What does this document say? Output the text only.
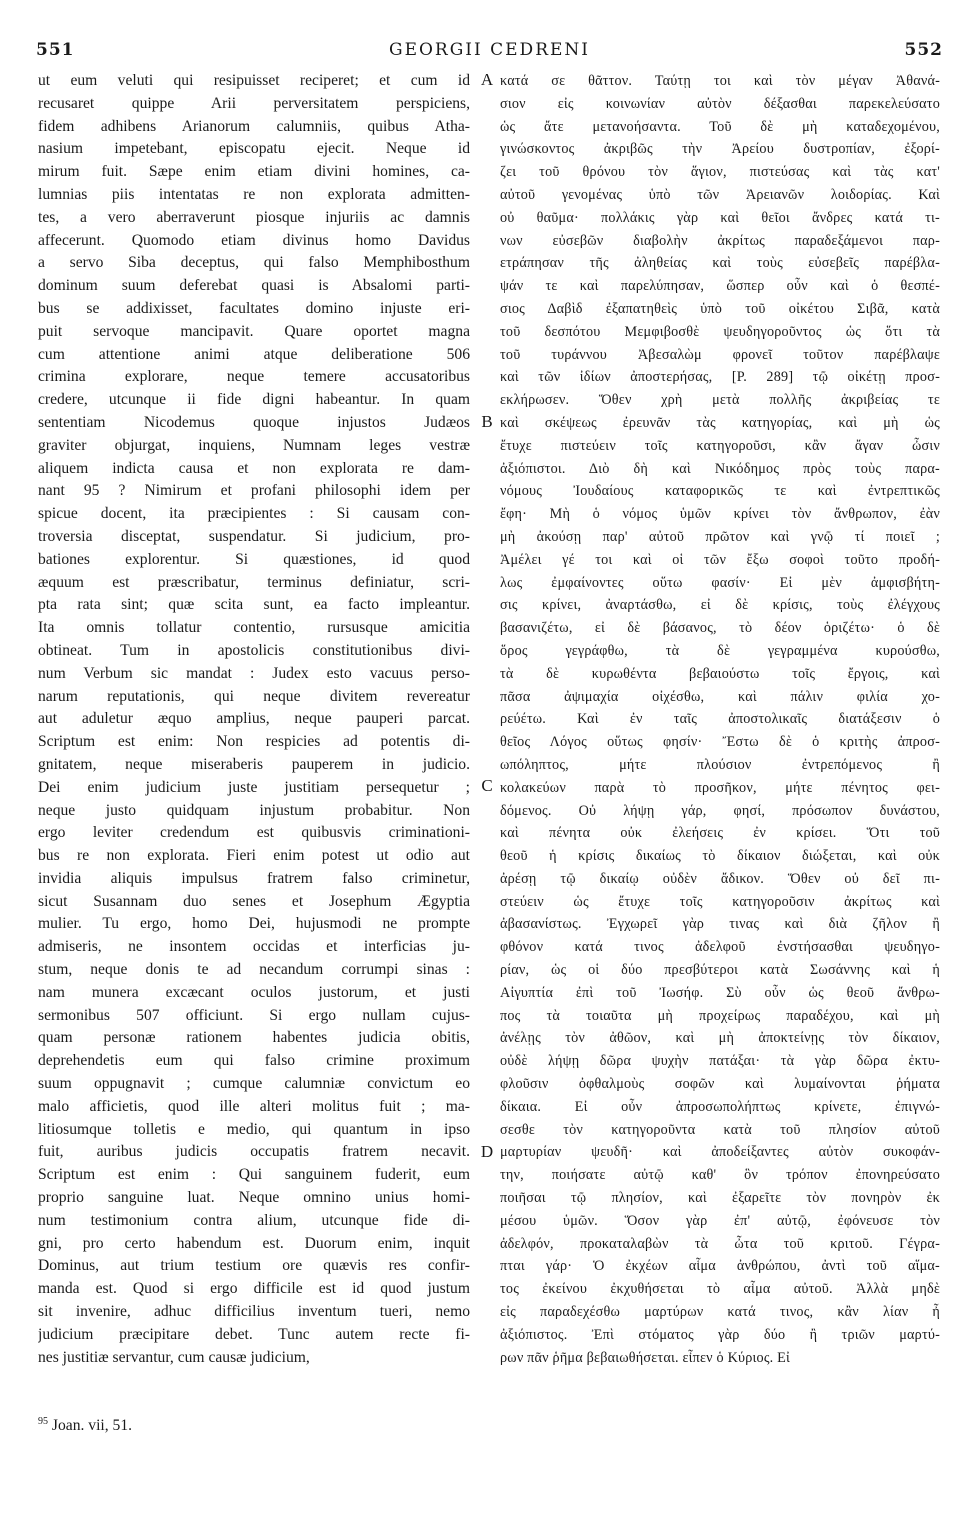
551	GEORGII CEDRENI	552
ut eum veluti qui resipuisset reciperet; et cum id
recusaret quippe Arii perversitatem perspiciens,
fidem adhibens Arianorum calumniis, quibus Atha-
nasium impetebant, episcopatu ejecit. Neque id
mirum fuit. Sæpe enim etiam divini homines, ca-
lumnias piis intentatas re non explorata admitten-
tes, a vero aberraverunt piosque injuriis ac damnis
affecerunt. Quomodo etiam divinus homo Davidus
a servo Siba deceptus, qui falso Memphibosthum
dominum suum deferebat quasi is Absalomi parti-
bus se addixisset, facultates domino injuste eri-
puit servoque mancipavit. Quare oportet magna
cum attentione animi atque deliberatione 506
crimina explorare, neque temere accusatoribus
credere, utcunque ii fide digni habeantur. In quam
sententiam Nicodemus quoque injustos Judæos
graviter objurgat, inquiens, Numnam leges vestræ
aliquem indicta causa et non explorata re dam-
nant 95 ? Nimirum et profani philosophi idem per
spicue docent, ita præcipientes : Si causam con-
troversia disceptat, suspendatur. Si judicium, pro-
bationes explorentur. Si quæstiones, id quod
æquum est præscribatur, terminus definiatur, scri-
pta rata sint; quæ scita sunt, ea facto impleantur.
Ita omnis tollatur contentio, rursusque amicitia
obtineat. Tum in apostolicis constitutionibus divi-
num Verbum sic mandat : Judex esto vacuus perso-
narum reputationis, qui neque divitem revereatur
aut aduletur æquo amplius, neque pauperi parcat.
Scriptum est enim: Non respicies ad potentis di-
gnitatem, neque miseraberis pauperem in judicio.
Dei enim judicium juste justitiam persequetur ;
neque justo quidquam injustum probabitur. Non
ergo leviter credendum est quibusvis criminationi-
bus re non explorata. Fieri enim potest ut odio aut
invidia aliquis impulsus fratrem falso criminetur,
sicut Susannam duo senes et Josephum Ægyptia
mulier. Tu ergo, homo Dei, hujusmodi ne prompte
admiseris, ne insontem occidas et interficias ju-
stum, neque donis te ad necandum corrumpi sinas :
nam munera excæcant oculos justorum, et justi
sermonibus 507 officiunt. Si ergo nullam cujus-
quam personæ rationem habentes judicia obitis,
deprehendetis eum qui falso crimine proximum
suum oppugnavit ; cumque calumniæ convictum eo
malo afficietis, quod ille alteri molitus fuit ; ma-
litiosumque tolletis e medio, qui quantum in ipso
fuit, auribus judicis occupatis fratrem necavit.
Scriptum est enim : Qui sanguinem fuderit, eum
proprio sanguine luat. Neque omnino unius homi-
num testimonium contra alium, utcunque fide di-
gni, pro certo habendum est. Duorum enim, inquit
Dominus, aut trium testium ore quævis res confir-
manda est. Quod si ergo difficile est id quod justum
sit invenire, adhuc difficilius inventum tueri, nemo
judicium præcipitare debet. Tunc autem recte fi-
nes justitiæ servantur, cum causæ judicium,
A
B
C
D
κατά σε θᾶττον. Ταύτῃ τοι καὶ τὸν μέγαν Ἀθανά-
σιον εἰς κοινωνίαν αὐτὸν δέξασθαι παρεκελεύσατο
ὡς ἄτε μετανοήσαντα. Τοῦ δὲ μὴ καταδεχομένου,
γινώσκοντος ἀκριβῶς τὴν Ἀρείου δυστροπίαν, ἐξορί-
ζει τοῦ θρόνου τὸν ἅγιον, πιστεύσας καὶ τὰς κατ'
αὐτοῦ γενομένας ὑπὸ τῶν Ἀρειανῶν λοιδορίας. Καὶ
οὐ θαῦμα· πολλάκις γὰρ καὶ θεῖοι ἄνδρες κατά τι-
νων εὐσεβῶν διαβολὴν ἀκρίτως παραδεξάμενοι παρ-
ετράπησαν τῆς ἀληθείας καὶ τοὺς εὐσεβεῖς παρέβλα-
ψάν τε καὶ παρελύπησαν, ὥσπερ οὖν καὶ ὁ θεσπέ-
σιος Δαβὶδ ἐξαπατηθεὶς ὑπὸ τοῦ οἰκέτου Σιβᾶ, κατὰ
τοῦ δεσπότου Μεμφιβοσθὲ ψευδηγοροῦντος ὡς ὅτι τὰ
τοῦ τυράννου Ἀβεσαλὼμ φρονεῖ τοῦτον παρέβλαψε
καὶ τῶν ἰδίων ἀποστερήσας, [P. 289] τῷ οἰκέτῃ προσ-
εκλήρωσεν. Ὅθεν χρὴ μετὰ πολλῆς ἀκριβείας τε
καὶ σκέψεως ἐρευνᾶν τὰς κατηγορίας, καὶ μὴ ὡς
ἔτυχε πιστεύειν τοῖς κατηγοροῦσι, κἂν ἄγαν ὦσιν
ἀξιόπιστοι. Διὸ δὴ καὶ Νικόδημος πρὸς τοὺς παρα-
νόμους Ἰουδαίους καταφορικῶς τε καὶ ἐντρεπτικῶς
ἔφη· Μὴ ὁ νόμος ὑμῶν κρίνει τὸν ἄνθρωπον, ἐὰν
μὴ ἀκούσῃ παρ' αὐτοῦ πρῶτον καὶ γνῷ τί ποιεῖ ;
Ἀμέλει γέ τοι καὶ οἱ τῶν ἔξω σοφοὶ τοῦτο προδή-
λως ἐμφαίνοντες οὕτω φασίν· Εἰ μὲν ἀμφισβήτη-
σις κρίνει, ἀναρτάσθω, εἰ δὲ κρίσις, τοὺς ἐλέγχους
βασανιζέτω, εἰ δὲ βάσανος, τὸ δέον ὁριζέτω· ὁ δὲ
ὅρος γεγράφθω, τὰ δὲ γεγραμμένα κυρούσθω,
τὰ δὲ κυρωθέντα βεβαιούστω τοῖς ἔργοις, καὶ
πᾶσα ἀψιμαχία οἰχέσθω, καὶ πάλιν φιλία χο-
ρεύέτω. Καὶ ἐν ταῖς ἀποστολικαῖς διατάξεσιν ὁ
θεῖος Λόγος οὕτως φησίν· Ἔστω δὲ ὁ κριτὴς ἀπροσ-
ωπόληπτος, μήτε πλούσιον ἐντρεπόμενος ἢ
κολακεύων παρὰ τὸ προσῆκον, μήτε πένητος φει-
δόμενος. Οὐ λήψῃ γάρ, φησί, πρόσωπον δυνάστου,
καὶ πένητα οὐκ ἐλεήσεις ἐν κρίσει. Ὅτι τοῦ
θεοῦ ἡ κρίσις δικαίως τὸ δίκαιον διώξεται, καὶ οὐκ
ἀρέσῃ τῷ δικαίῳ οὐδὲν ἄδικον. Ὅθεν οὐ δεῖ πι-
στεύειν ὡς ἔτυχε τοῖς κατηγοροῦσιν ἀκρίτως καὶ
ἀβασανίστως. Ἐγχωρεῖ γὰρ τινας καὶ διὰ ζῆλον ἢ
φθόνον κατά τινος ἀδελφοῦ ἐνστήσασθαι ψευδηγο-
ρίαν, ὡς οἱ δύο πρεσβύτεροι κατὰ Σωσάννης καὶ ἡ
Αἰγυπτία ἐπὶ τοῦ Ἰωσήφ. Σὺ οὖν ὡς θεοῦ ἄνθρω-
πος τὰ τοιαῦτα μὴ προχείρως παραδέχου, καὶ μὴ
ἀνέλῃς τὸν ἀθῶον, καὶ μὴ ἀποκτείνῃς τὸν δίκαιον,
οὐδὲ λήψῃ δῶρα ψυχὴν πατάξαι· τὰ γὰρ δῶρα ἐκτυ-
φλοῦσιν ὀφθαλμοὺς σοφῶν καὶ λυμαίνονται ῥήματα
δίκαια. Εἰ οὖν ἀπροσωπολήπτως κρίνετε, ἐπιγνώ-
σεσθε τὸν κατηγοροῦντα κατὰ τοῦ πλησίον αὐτοῦ
μαρτυρίαν ψευδῆ· καὶ ἀποδείξαντες αὐτὸν συκοφάν-
την, ποιήσατε αὐτῷ καθ' ὃν τρόπον ἐπονηρεύσατο
ποιῆσαι τῷ πλησίον, καὶ ἐξαρεῖτε τὸν πονηρὸν ἐκ
μέσου ὑμῶν. Ὅσον γὰρ ἐπ' αὐτῷ, ἐφόνευσε τὸν
ἀδελφόν, προκαταλαβὼν τὰ ὦτα τοῦ κριτοῦ. Γέγρα-
πται γάρ· Ὁ ἐκχέων αἷμα ἀνθρώπου, ἀντὶ τοῦ αἵμα-
τος ἐκείνου ἐκχυθήσεται τὸ αἷμα αὐτοῦ. Ἀλλὰ μηδὲ
εἰς παραδεχέσθω μαρτύρων κατά τινος, κἂν λίαν ἦ
ἀξιόπιστος. Ἐπὶ στόματος γὰρ δύο ἢ τριῶν μαρτύ-
ρων πᾶν ῥῆμα βεβαιωθήσεται. εἶπεν ὁ Κύριος. Εἰ
$^{95}$ Joan. vii, 51.
